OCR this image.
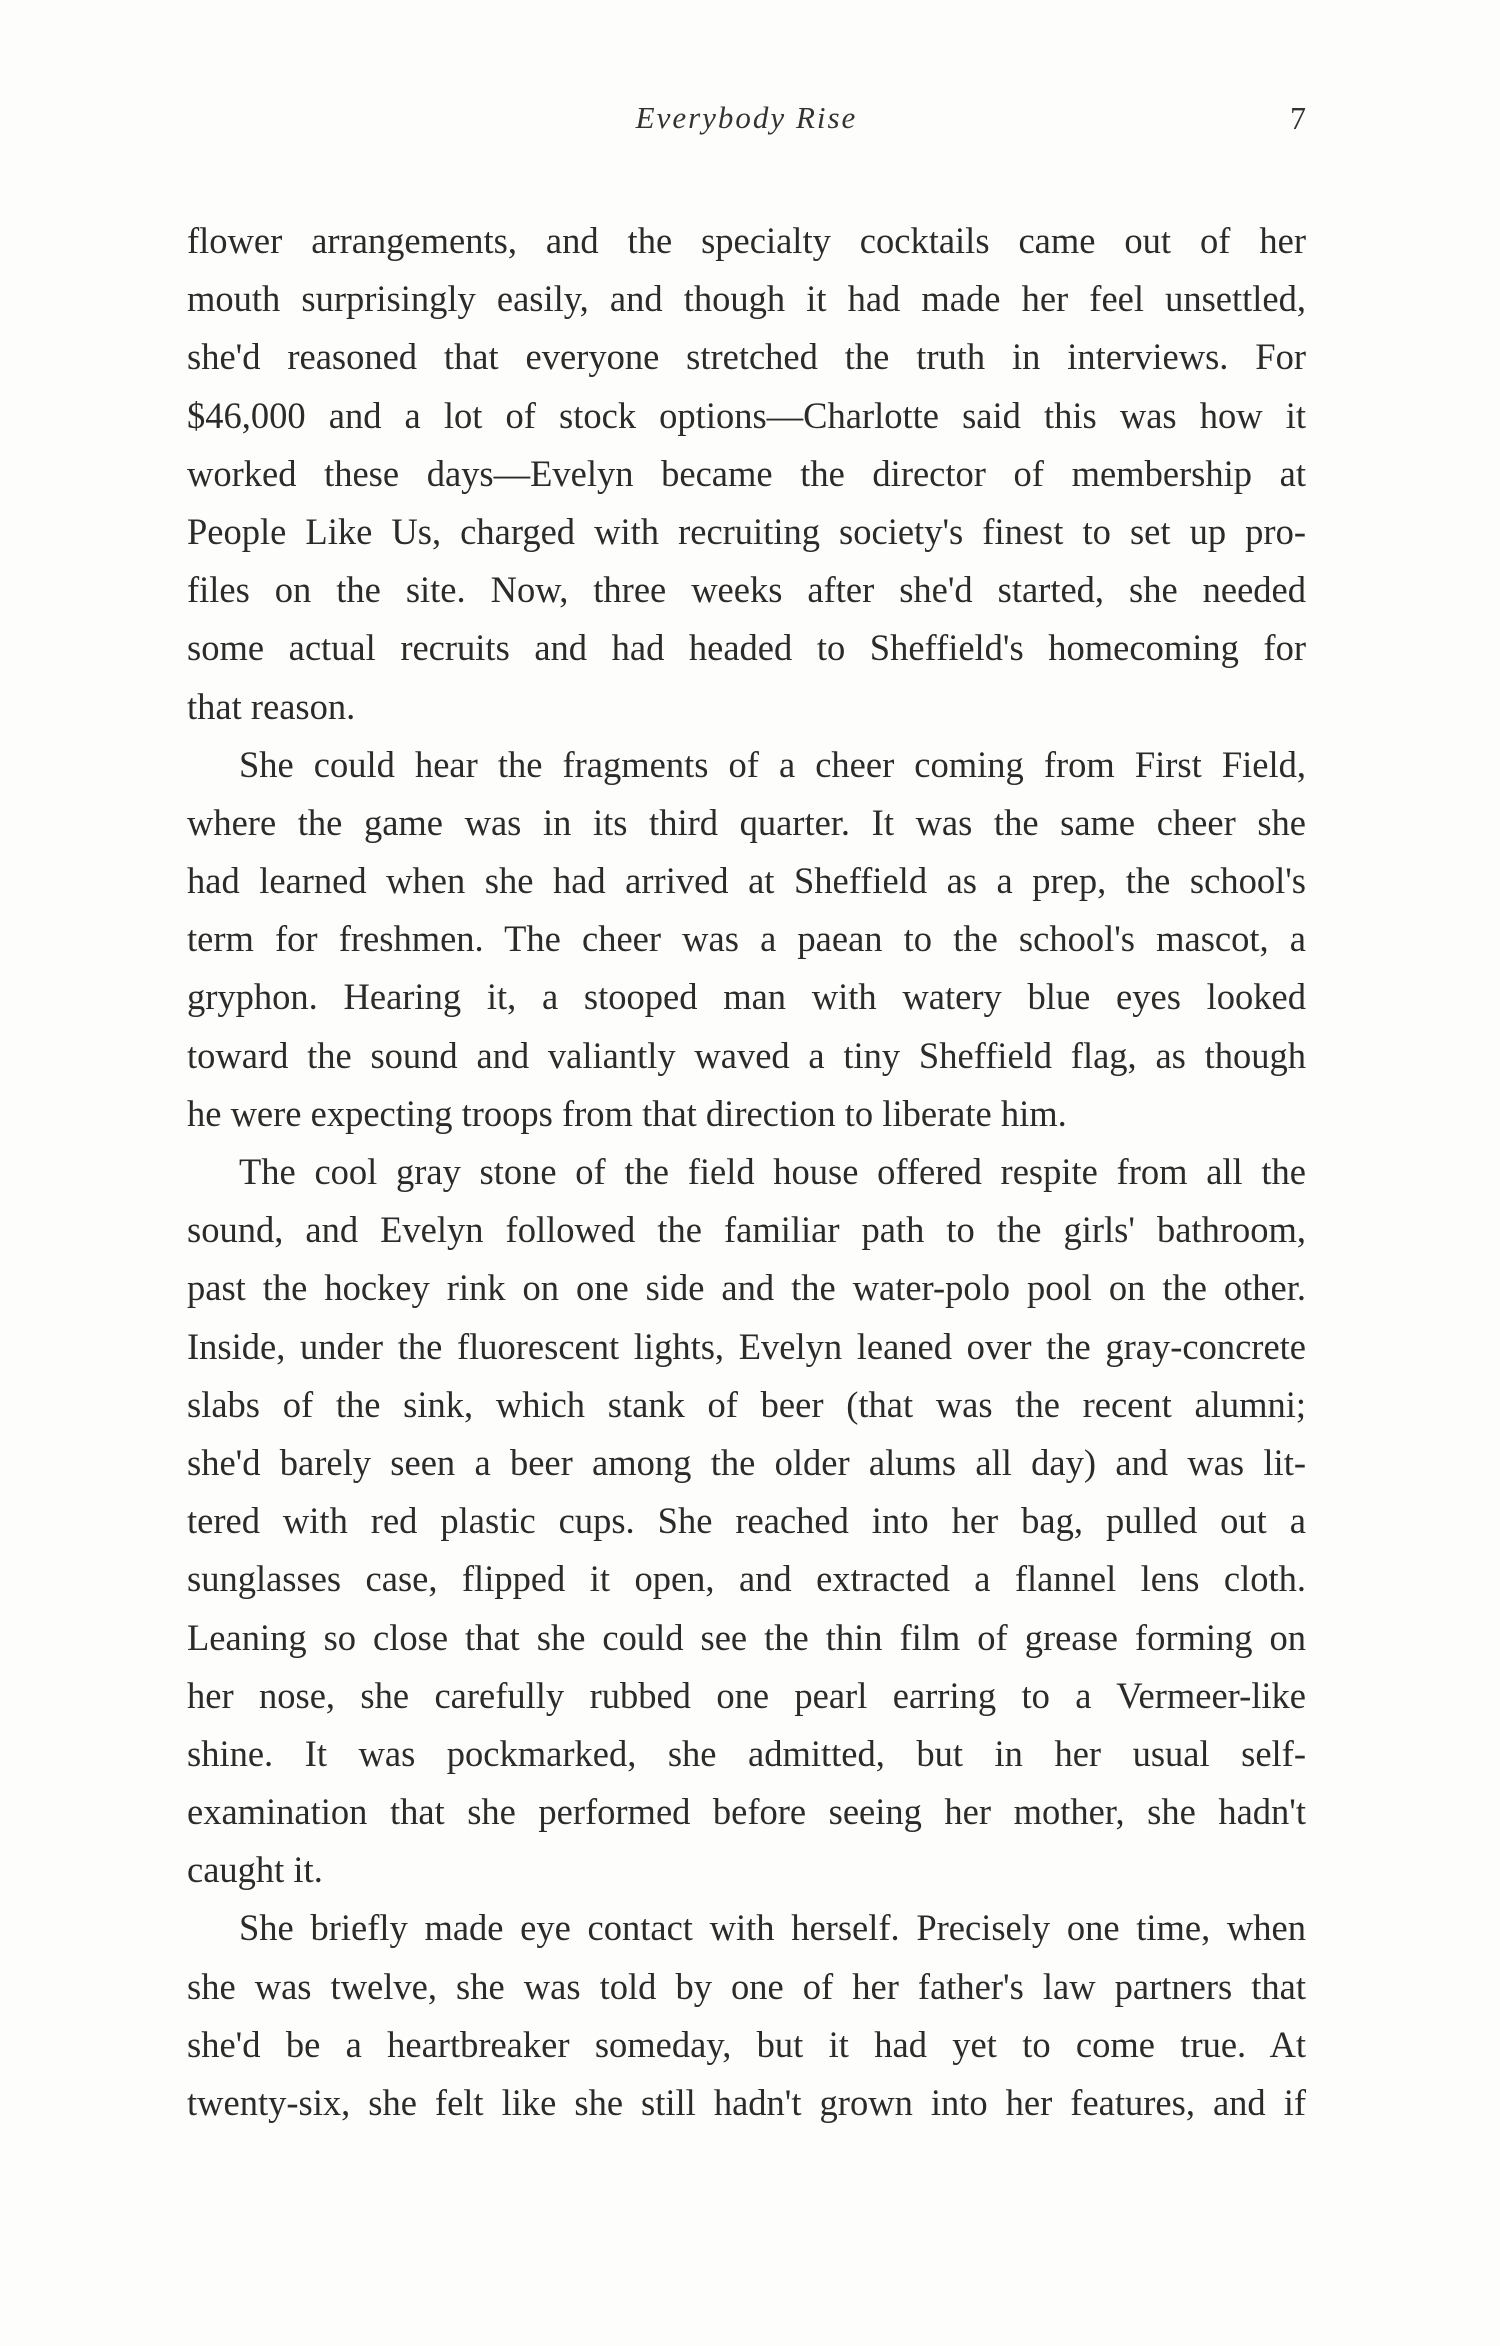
Everybody Rise	7
flower arrangements, and the specialty cocktails came out of her
mouth surprisingly easily, and though it had made her feel unsettled,
she'd reasoned that everyone stretched the truth in interviews. For
$46,000 and a lot of stock options—Charlotte said this was how it
worked these days—Evelyn became the director of membership at
People Like Us, charged with recruiting society's finest to set up pro-
files on the site. Now, three weeks after she'd started, she needed
some actual recruits and had headed to Sheffield's homecoming for
that reason.
She could hear the fragments of a cheer coming from First Field,
where the game was in its third quarter. It was the same cheer she
had learned when she had arrived at Sheffield as a prep, the school's
term for freshmen. The cheer was a paean to the school's mascot, a
gryphon. Hearing it, a stooped man with watery blue eyes looked
toward the sound and valiantly waved a tiny Sheffield flag, as though
he were expecting troops from that direction to liberate him.
The cool gray stone of the field house offered respite from all the
sound, and Evelyn followed the familiar path to the girls' bathroom,
past the hockey rink on one side and the water-polo pool on the other.
Inside, under the fluorescent lights, Evelyn leaned over the gray-concrete
slabs of the sink, which stank of beer (that was the recent alumni;
she'd barely seen a beer among the older alums all day) and was lit-
tered with red plastic cups. She reached into her bag, pulled out a
sunglasses case, flipped it open, and extracted a flannel lens cloth.
Leaning so close that she could see the thin film of grease forming on
her nose, she carefully rubbed one pearl earring to a Vermeer-like
shine. It was pockmarked, she admitted, but in her usual self-
examination that she performed before seeing her mother, she hadn't
caught it.
She briefly made eye contact with herself. Precisely one time, when
she was twelve, she was told by one of her father's law partners that
she'd be a heartbreaker someday, but it had yet to come true. At
twenty-six, she felt like she still hadn't grown into her features, and if
